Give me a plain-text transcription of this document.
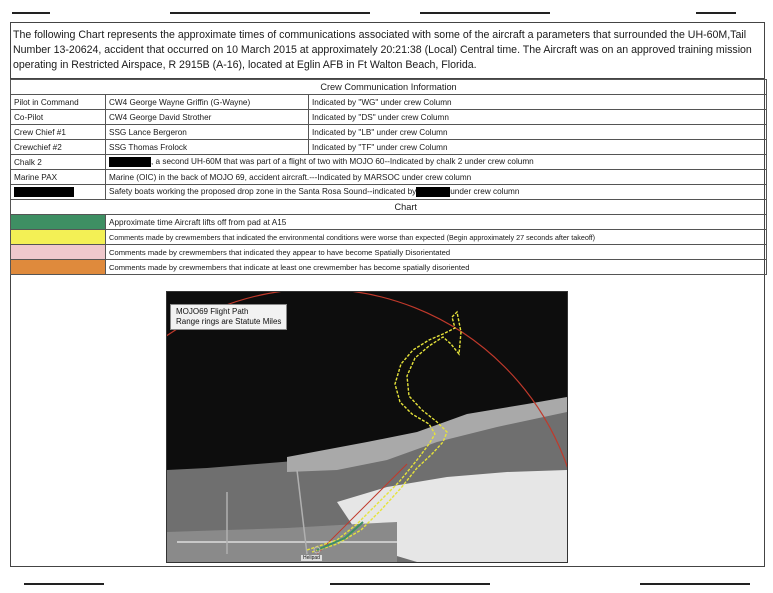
The following Chart represents the approximate times of communications associated with some of the aircraft a parameters that surrounded the UH-60M,Tail Number 13-20624, accident that occurred on 10 March 2015 at approximately 20:21:38 (Local) Central time. The Aircraft was on an approved training mission operating in Restricted Airspace, R 2915B (A-16), located at Eglin AFB in Ft Walton Beach, Florida.
Crew Communication Information		
Pilot in Command	CW4 George Wayne Griffin (G-Wayne)	Indicated by "WG" under crew Column
Co-Pilot	CW4 George David Strother	Indicated by "DS" under crew Column
Crew Chief #1	SSG Lance Bergeron	Indicated by "LB" under crew Column
Crewchief #2	SSG Thomas Frolock	Indicated by "TF" under crew Column
Chalk 2	, a second UH-60M that was part of a flight of two with MOJO 60--Indicated by chalk 2 under crew column	
Marine PAX	Marine (OIC) in the back of MOJO 69, accident aircraft.---Indicated by MARSOC under crew column	
	Safety boats working the proposed drop zone in the Santa Rosa Sound--indicated by under crew column	
	Chart	
	Approximate time Aircraft lifts off from pad at A15	
	Comments made by crewmembers that indicated the environmental conditions were worse than expected (Begin approximately 27 seconds after takeoff)	
	Comments made by crewmembers that indicated they appear to have become Spatially Disorientated	
	Comments made by crewmembers that indicate at least one crewmember has become spatially disoriented	
MOJO69 Flight Path
Range rings are Statute Miles
Helipad
